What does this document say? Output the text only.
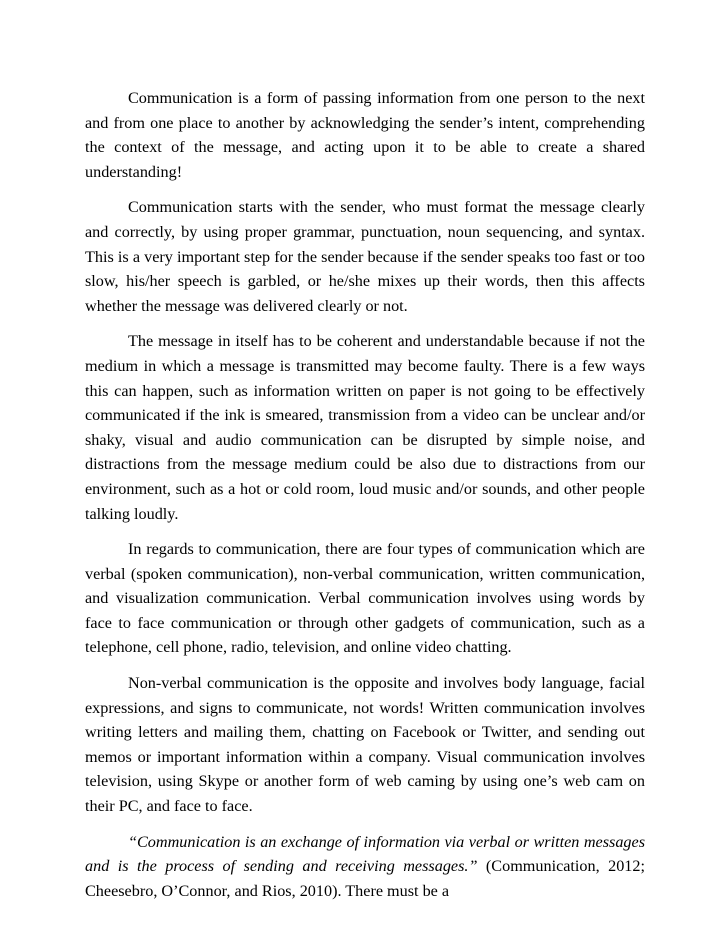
Communication is a form of passing information from one person to the next and from one place to another by acknowledging the sender’s intent, comprehending the context of the message, and acting upon it to be able to create a shared understanding!

Communication starts with the sender, who must format the message clearly and correctly, by using proper grammar, punctuation, noun sequencing, and syntax. This is a very important step for the sender because if the sender speaks too fast or too slow, his/her speech is garbled, or he/she mixes up their words, then this affects whether the message was delivered clearly or not.

The message in itself has to be coherent and understandable because if not the medium in which a message is transmitted may become faulty. There is a few ways this can happen, such as information written on paper is not going to be effectively communicated if the ink is smeared, transmission from a video can be unclear and/or shaky, visual and audio communication can be disrupted by simple noise, and distractions from the message medium could be also due to distractions from our environment, such as a hot or cold room, loud music and/or sounds, and other people talking loudly.

In regards to communication, there are four types of communication which are verbal (spoken communication), non-verbal communication, written communication, and visualization communication. Verbal communication involves using words by face to face communication or through other gadgets of communication, such as a telephone, cell phone, radio, television, and online video chatting.

Non-verbal communication is the opposite and involves body language, facial expressions, and signs to communicate, not words! Written communication involves writing letters and mailing them, chatting on Facebook or Twitter, and sending out memos or important information within a company. Visual communication involves television, using Skype or another form of web caming by using one’s web cam on their PC, and face to face.

“Communication is an exchange of information via verbal or written messages and is the process of sending and receiving messages.” (Communication, 2012; Cheesebro, O’Connor, and Rios, 2010). There must be a
